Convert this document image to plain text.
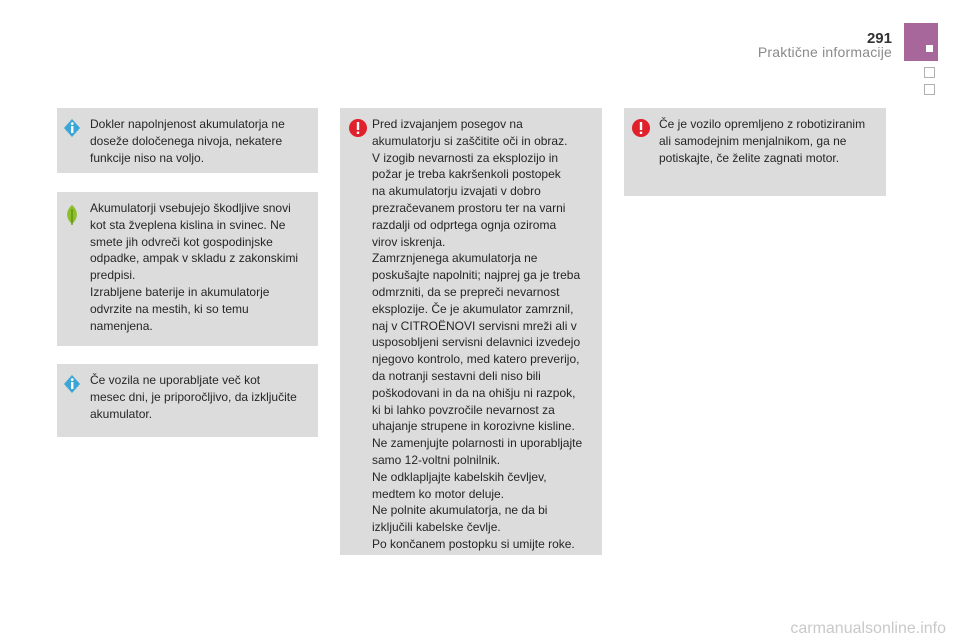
291
Praktične informacije
Dokler napolnjenost akumulatorja ne
doseže določenega nivoja, nekatere
funkcije niso na voljo.
Akumulatorji vsebujejo škodljive snovi
kot sta žveplena kislina in svinec. Ne
smete jih odvreči kot gospodinjske
odpadke, ampak v skladu z zakonskimi
predpisi.
Izrabljene baterije in akumulatorje
odvrzite na mestih, ki so temu
namenjena.
Če vozila ne uporabljate več kot
mesec dni, je priporočljivo, da izključite
akumulator.
Pred izvajanjem posegov na
akumulatorju si zaščitite oči in obraz.
V izogib nevarnosti za eksplozijo in
požar je treba kakršenkoli postopek
na akumulatorju izvajati v dobro
prezračevanem prostoru ter na varni
razdalji od odprtega ognja oziroma
virov iskrenja.
Zamrznjenega akumulatorja ne
poskušajte napolniti; najprej ga je treba
odmrzniti, da se prepreči nevarnost
eksplozije. Če je akumulator zamrznil,
naj v CITROËNOVI servisni mreži ali v
usposobljeni servisni delavnici izvedejo
njegovo kontrolo, med katero preverijo,
da notranji sestavni deli niso bili
poškodovani in da na ohišju ni razpok,
ki bi lahko povzročile nevarnost za
uhajanje strupene in korozivne kisline.
Ne zamenjujte polarnosti in uporabljajte
samo 12-voltni polnilnik.
Ne odklapljajte kabelskih čevljev,
medtem ko motor deluje.
Ne polnite akumulatorja, ne da bi
izključili kabelske čevlje.
Po končanem postopku si umijte roke.
Če je vozilo opremljeno z robotiziranim
ali samodejnim menjalnikom, ga ne
potiskajte, če želite zagnati motor.
carmanualsonline.info
